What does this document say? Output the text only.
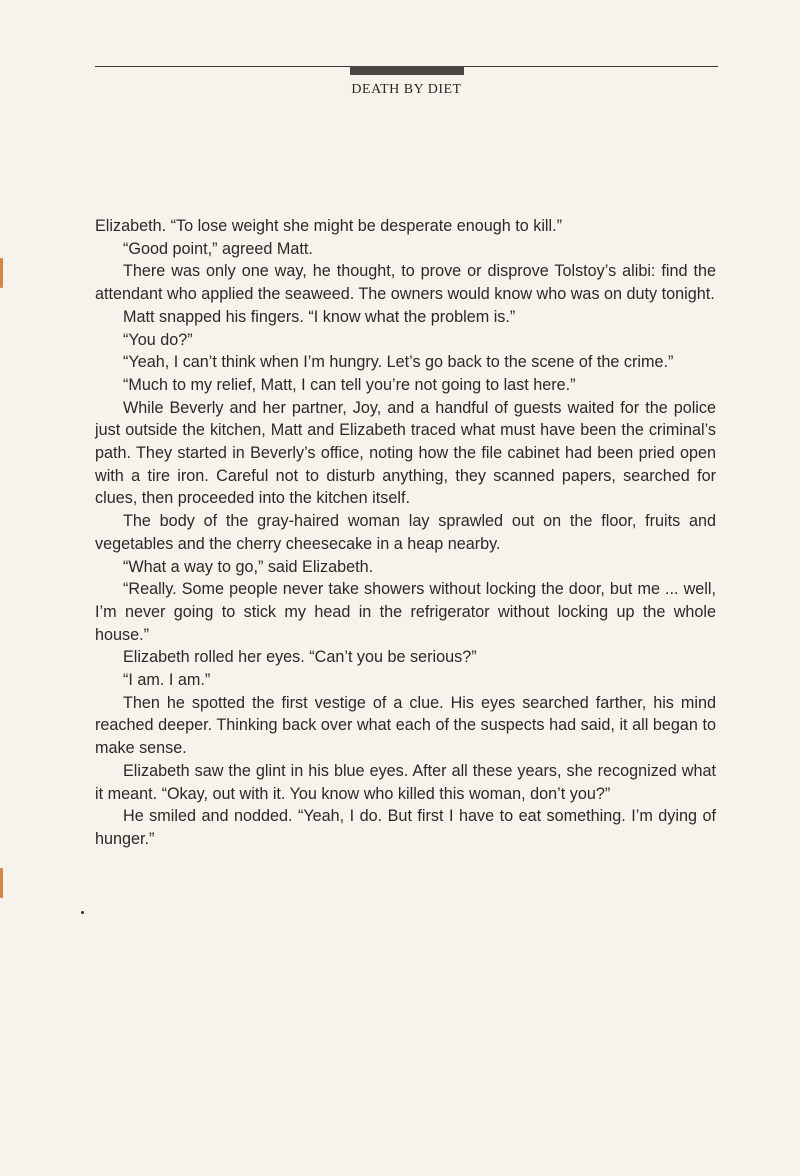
DEATH BY DIET

Elizabeth. “To lose weight she might be desperate enough to kill.”

“Good point,” agreed Matt.

There was only one way, he thought, to prove or disprove Tolstoy’s alibi: find the attendant who applied the seaweed. The owners would know who was on duty tonight.

Matt snapped his fingers. “I know what the problem is.”

“You do?”

“Yeah, I can’t think when I’m hungry. Let’s go back to the scene of the crime.”

“Much to my relief, Matt, I can tell you’re not going to last here.”

While Beverly and her partner, Joy, and a handful of guests waited for the police just outside the kitchen, Matt and Elizabeth traced what must have been the criminal’s path. They started in Beverly’s office, noting how the file cabinet had been pried open with a tire iron. Careful not to disturb anything, they scanned papers, searched for clues, then proceeded into the kitchen itself.

The body of the gray-haired woman lay sprawled out on the floor, fruits and vegetables and the cherry cheesecake in a heap nearby.

“What a way to go,” said Elizabeth.

“Really. Some people never take showers without locking the door, but me ... well, I’m never going to stick my head in the refrigerator without locking up the whole house.”

Elizabeth rolled her eyes. “Can’t you be serious?”

“I am. I am.”

Then he spotted the first vestige of a clue. His eyes searched farther, his mind reached deeper. Thinking back over what each of the suspects had said, it all began to make sense.

Elizabeth saw the glint in his blue eyes. After all these years, she recognized what it meant. “Okay, out with it. You know who killed this woman, don’t you?”

He smiled and nodded. “Yeah, I do. But first I have to eat something. I’m dying of hunger.”
